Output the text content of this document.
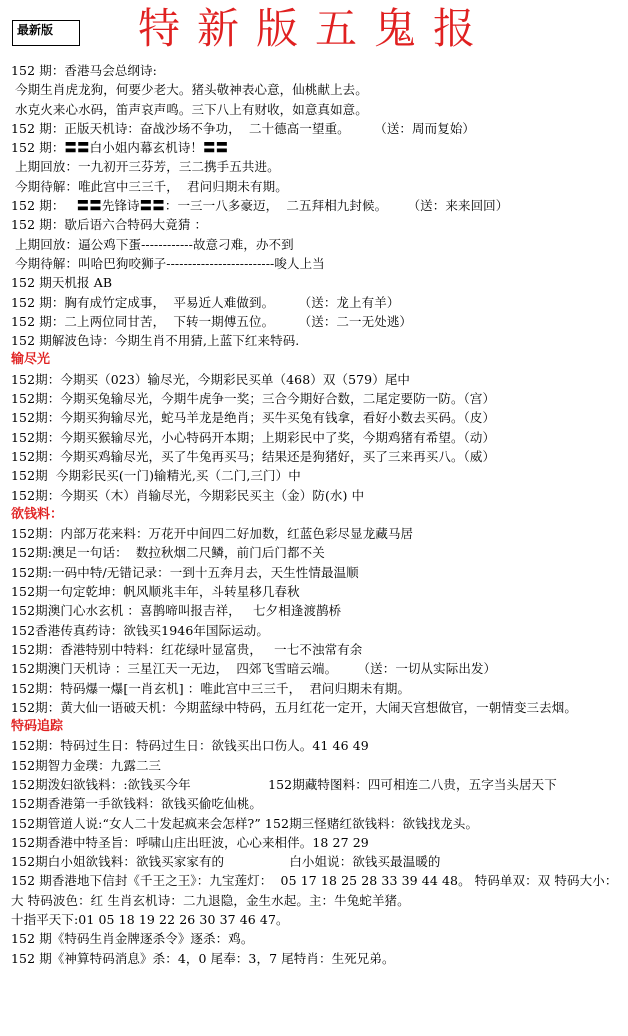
最新版	特新版五鬼报
152 期：香港马会总纲诗:
今期生肖虎龙狗，何要少老大。猪头敬神表心意，仙桃献上去。
水克火来心水码，笛声哀声鸣。三下八上有财收，如意真如意。
152 期：正版天机诗：奋战沙场不争功，  二十德高一望重。      （送：周而复始）
152 期：〓〓白小姐内幕玄机诗！〓〓
上期回放：一九初开三芬芳，三二携手五共进。
今期待解：唯此宫中三三千，  君问归期未有期。
152 期：   〓〓先锋诗〓〓：一三一八多豪迈，  二五拜相九封候。     （送：来来回回）
152 期：歇后语六合特码大竟猜 ：
上期回放：逼公鸡下蛋------------故意刁难，办不到
今期待解：叫哈巴狗咬狮子-------------------------唆人上当
152 期天机报 AB
152 期：胸有成竹定成事，  平易近人难做到。      （送：龙上有羊）
152 期：二上两位同甘苦，  下转一期傅五位。      （送：二一无处逃）
152 期解波色诗：今期生肖不用猜,上蓝下红来特码.
输尽光
152期：今期买（023）输尽光，今期彩民买单（468）双（579）尾中
152期：今期买兔输尽光，今期牛虎争一奖；三合今期好合数，二尾定要防一防。（宫）
152期：今期买狗输尽光，蛇马羊龙是绝肖；买牛买兔有钱拿，看好小数去买码。（皮）
152期：今期买猴输尽光，小心特码开本期；上期彩民中了奖，今期鸡猪有希望。（动）
152期：今期买鸡输尽光，买了牛兔再买马；结果还是狗猪好，买了三来再买八。（威）
152期  今期彩民买(一门)输精光,买（二门,三门）中
152期：今期买（木）肖输尽光，今期彩民买主（金）防(水) 中
欲钱料：
152期：内部万花来料：万花开中间四二好加数，红蓝色彩尽显龙藏马居
152期:澳足一句话：  数拉秋烟二尺鳞，前门后门都不关
152期:一码中特/无错记录：一到十五奔月去，天生性情最温顺
152期一句定乾坤：帆风顺兆丰年，斗转星移几春秋
152期澳门心水玄机 ：喜鹊啼叫报吉祥，   七夕相逢渡鹊桥
152香港传真药诗：欲钱买1946年国际运动。
152期：香港特别中特料：红花绿叶显富贵，   一七不浊常有余
152期澳门天机诗 ：三星江天一无边，  四郊飞雪暗云端。     （送：一切从实际出发）
152期：特码爆一爆[一肖玄机] ：唯此宫中三三千，  君问归期未有期。
152期：黄大仙一语破天机：今期蓝绿中特码，五月红花一定开，大闹天宫想做官，一朝情变三去烟。
特码追踪
152期：特码过生日：特码过生日：欲钱买出口伤人。41 46 49
152期智力金璞：九露二三
152期泼妇欲钱料：:欲钱买今年                   152期藏特图料：四可相连二八贵，五字当头居天下
152期香港第一手欲钱料：欲钱买偷吃仙桃。
152期管道人说:“女人二十发起疯来会怎样?” 152期三怪赌红欲钱料：欲钱找龙头。
152期香港中特圣旨：呼啸山庄出旺波，心心来相伴。18 27 29
152期白小姐欲钱料：欲钱买家家有的                白小姐说：欲钱买最温暖的
152 期香港地下信封《千王之王》：九宝莲灯：  05 17 18 25 28 33 39 44 48。 特码单双：双 特码大小：大 特码波色：红 生肖玄机诗：二九退隐，金生水起。主：牛兔蛇羊猪。
十指平天下:01 05 18 19 22 26 30 37 46 47。
152 期《特码生肖金牌逐杀令》逐杀：鸡。
152 期《神算特码消息》杀：4，0 尾奉：3，7 尾特肖：生死兄弟。
